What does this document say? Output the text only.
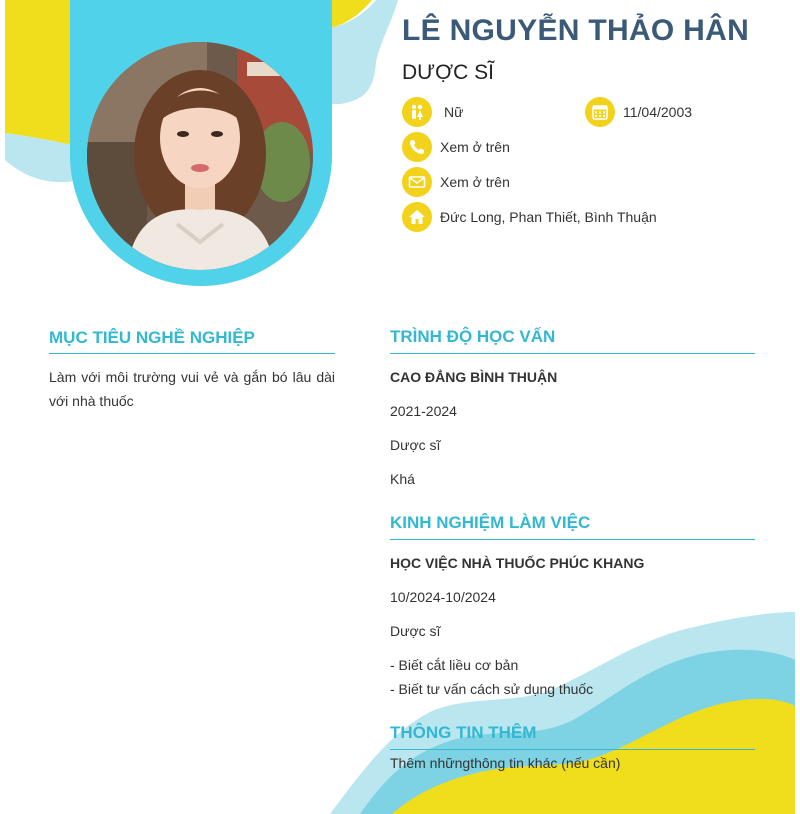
LÊ NGUYỄN THẢO HÂN
DƯỢC SĨ
Nữ	11/04/2003
Xem ở trên
Xem ở trên
Đức Long, Phan Thiết, Bình Thuận
MỤC TIÊU NGHỀ NGHIỆP
Làm với môi trường vui vẻ và gắn bó lâu dài với nhà thuốc
TRÌNH ĐỘ HỌC VẤN
CAO ĐẲNG BÌNH THUẬN
2021-2024
Dược sĩ
Khá
KINH NGHIỆM LÀM VIỆC
HỌC VIỆC NHÀ THUỐC PHÚC KHANG
10/2024-10/2024
Dược sĩ
- Biết cắt liều cơ bản
- Biết tư vấn cách sử dụng thuốc
THÔNG TIN THÊM
Thêm nhữngthông tin khác (nếu cần)
